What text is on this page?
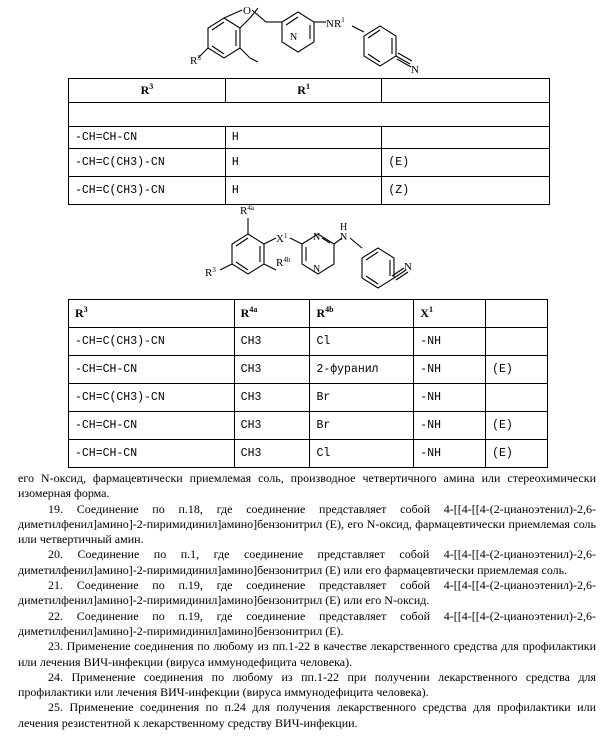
$R^3$
O
N
$NR^1$
N
$R^3$	$R^1$	

-CH=CH-CN	H	
-CH=C(CH3)-CN	H	(E)
-CH=C(CH3)-CN	H	(Z)
$R^{4a}$
$R^{4b}$
$R^3$
$X^1$
H
N
N
N	N
$R^3$	$R^{4a}$	$R^{4b}$	$X^1$	
-CH=C(CH3)-CN	CH3	Cl	-NH	
-CH=CH-CN	CH3	2-фуранил	-NH	(E)
-CH=C(CH3)-CN	CH3	Br	-NH	
-CH=CH-CN	CH3	Br	-NH	(E)
-CH=CH-CN	CH3	Cl	-NH	(E)

его N-оксид, фармацевтически приемлемая соль, производное четвертичного амина или стереохимически изомерная форма.

19. Соединение по п.18, где соединение представляет собой 4-[[4-[[4-(2-цианоэтенил)-2,6-диметилфенил]амино]-2-пиримидинил]амино]бензонитрил (E), его N-оксид, фармацевтически приемлемая соль или четвертичный амин.

20. Соединение по п.1, где соединение представляет собой 4-[[4-[[4-(2-цианоэтенил)-2,6-диметилфенил]амино]-2-пиримидинил]амино]бензонитрил (E) или его фармацевтически приемлемая соль.

21. Соединение по п.19, где соединение представляет собой 4-[[4-[[4-(2-цианоэтенил)-2,6-диметилфенил]амино]-2-пиримидинил]амино]бензонитрил (E) или его N-оксид.

22. Соединение по п.19, где соединение представляет собой 4-[[4-[[4-(2-цианоэтенил)-2,6-диметилфенил]амино]-2-пиримидинил]амино]бензонитрил (E).

23. Применение соединения по любому из пп.1-22 в качестве лекарственного средства для профилактики или лечения ВИЧ-инфекции (вируса иммунодефицита человека).

24. Применение соединения по любому из пп.1-22 при получении лекарственного средства для профилактики или лечения ВИЧ-инфекции (вируса иммунодефицита человека).

25. Применение соединения по п.24 для получения лекарственного средства для профилактики или лечения резистентной к лекарственному средству ВИЧ-инфекции.
